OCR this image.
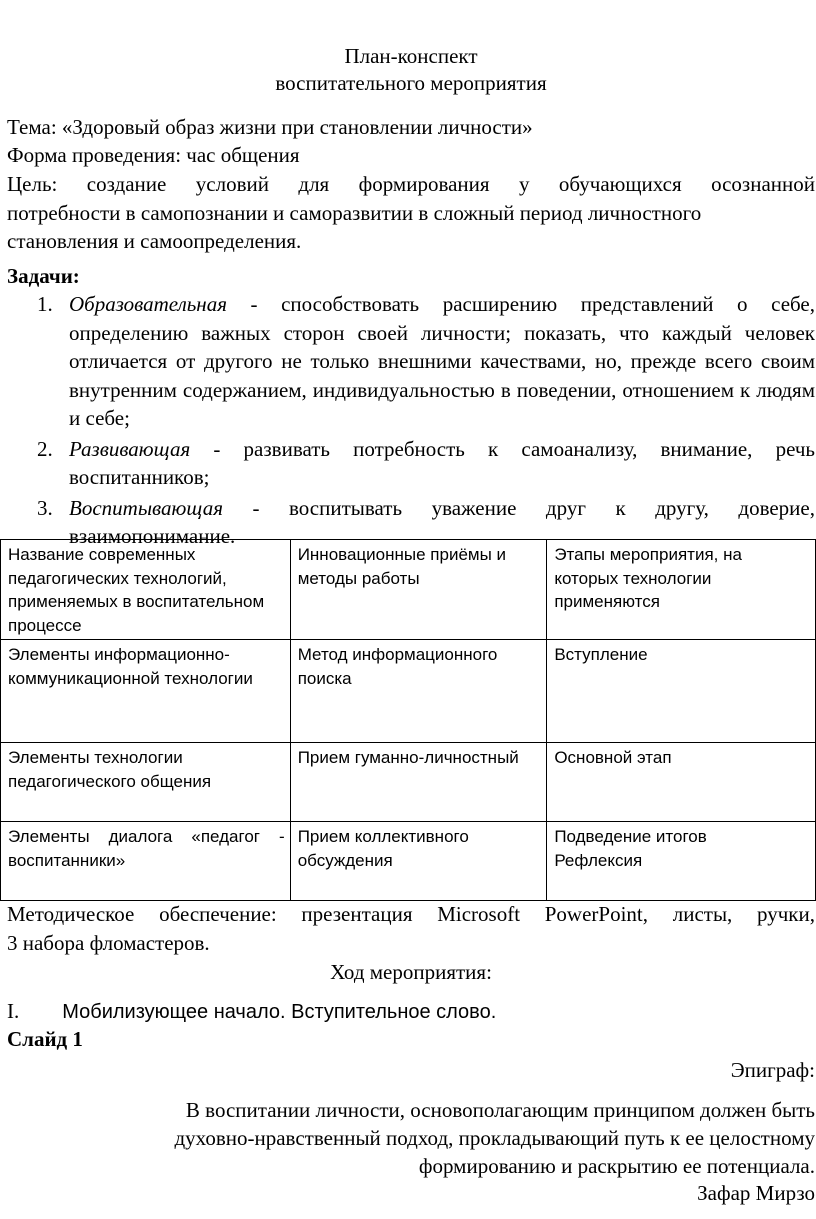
План-конспект
воспитательного мероприятия
Тема: «Здоровый образ жизни при становлении личности»
Форма проведения: час общения
Цель: создание условий для формирования у обучающихся осознанной
потребности в самопознании и саморазвитии в сложный период личностного
становления и самоопределения.
Задачи:
1. Образовательная - способствовать расширению представлений о себе, определению важных сторон своей личности; показать, что каждый человек отличается от другого не только внешними качествами, но, прежде всего своим внутренним содержанием, индивидуальностью в поведении, отношением к людям и себе;
2. Развивающая - развивать потребность к самоанализу, внимание, речь воспитанников;
3. Воспитывающая - воспитывать уважение друг к другу, доверие, взаимопонимание.
Название современных педагогических технологий, применяемых в воспитательном процессе	Инновационные приёмы и методы работы	Этапы мероприятия, на которых технологии применяются
Элементы информационно-коммуникационной технологии	Метод информационного поиска	Вступление
Элементы технологии педагогического общения	Прием гуманно-личностный	Основной этап
Элементы диалога «педагог - воспитанники»	Прием коллективного обсуждения	Подведение итогов Рефлексия
Методическое обеспечение: презентация Microsoft PowerPoint, листы, ручки,
3 набора фломастеров.
Ход мероприятия:
I. Мобилизующее начало. Вступительное слово.
Слайд 1
Эпиграф:
В воспитании личности, основополагающим принципом должен быть
духовно-нравственный подход, прокладывающий путь к ее целостному
формированию и раскрытию ее потенциала.
Зафар Мирзо
